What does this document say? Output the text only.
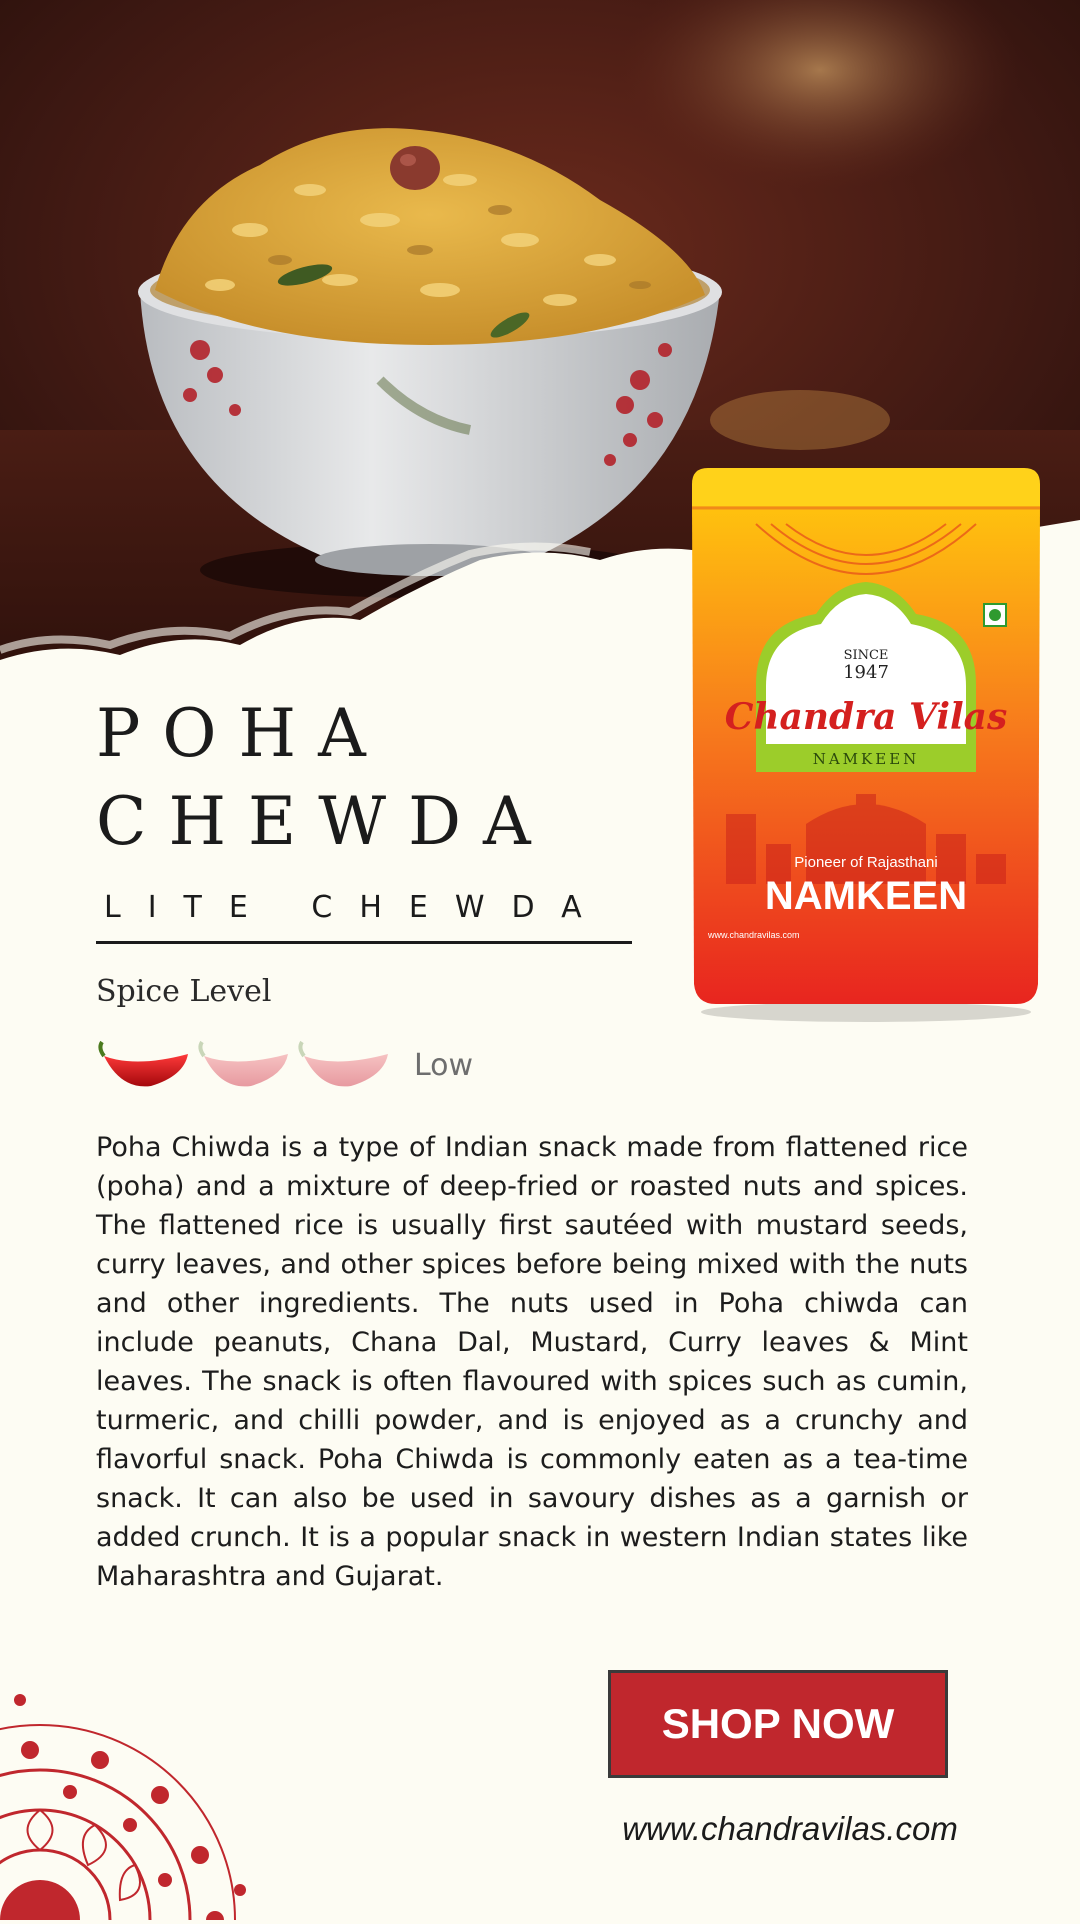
POHA
CHEWDA
LITE CHEWDA
Spice Level
Low

Poha Chiwda is a type of Indian snack made from flattened rice (poha) and a mixture of deep-fried or roasted nuts and spices. The flattened rice is usually first sautéed with mustard seeds, curry leaves, and other spices before being mixed with the nuts and other ingredients. The nuts used in Poha chiwda can include peanuts, Chana Dal, Mustard, Curry leaves & Mint leaves. The snack is often flavoured with spices such as cumin, turmeric, and chilli powder, and is enjoyed as a crunchy and flavorful snack. Poha Chiwda is commonly eaten as a tea-time snack. It can also be used in savoury dishes as a garnish or added crunch. It is a popular snack in western Indian states like Maharashtra and Gujarat.

SINCE
1947
Chandra Vilas
NAMKEEN
Pioneer of Rajasthani
NAMKEEN
www.chandravilas.com
SHOP NOW
www.chandravilas.com
